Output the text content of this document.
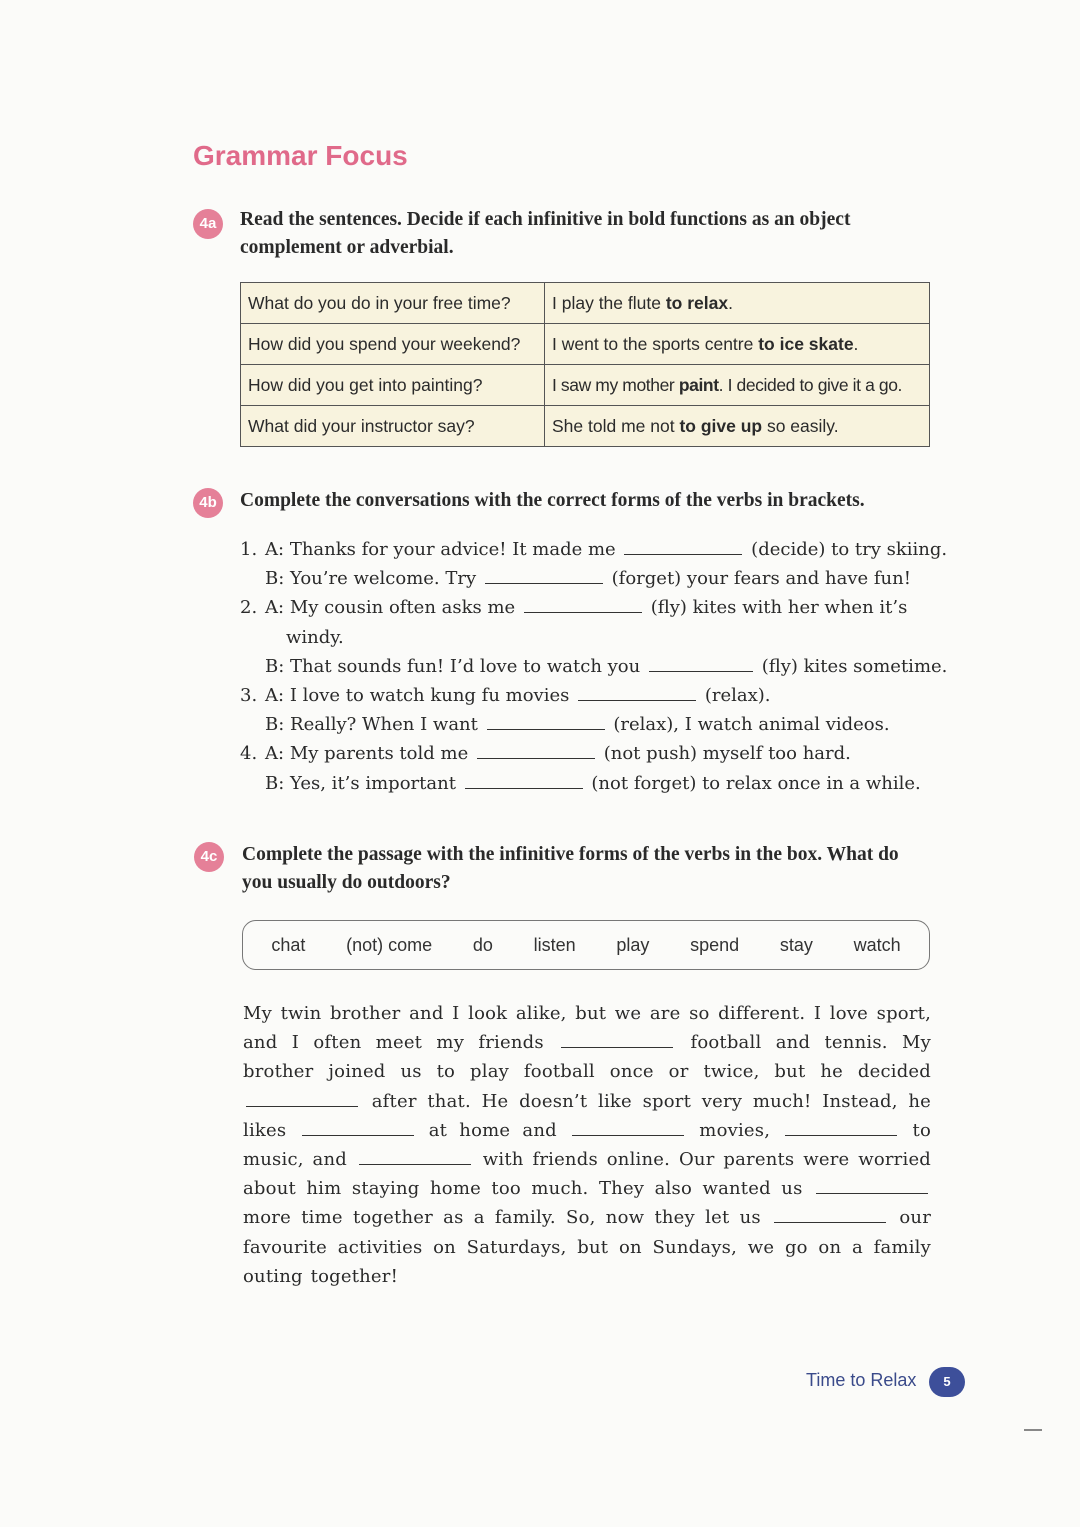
Grammar Focus
4a	Read the sentences. Decide if each infinitive in bold functions as an object complement or adverbial.

What do you do in your free time?	I play the flute to relax.
How did you spend your weekend?	I went to the sports centre to ice skate.
How did you get into painting?	I saw my mother paint. I decided to give it a go.
What did your instructor say?	She told me not to give up so easily.
4b	Complete the conversations with the correct forms of the verbs in brackets.

1. A: Thanks for your advice! It made me	(decide) to try skiing.
B: You’re welcome. Try	(forget) your fears and have fun!
2. A: My cousin often asks me	(fly) kites with her when it’s
windy.
B: That sounds fun! I’d love to watch you	(fly) kites sometime.
3. A: I love to watch kung fu movies	(relax).
B: Really? When I want	(relax), I watch animal videos.
4. A: My parents told me	(not push) myself too hard.
B: Yes, it’s important	(not forget) to relax once in a while.
4c	Complete the passage with the infinitive forms of the verbs in the box. What do you usually do outdoors?

chat (not) come do listen play spend stay watch

My twin brother and I look alike, but we are so different. I love sport, and I often meet my friends	football and tennis. My brother joined us to play football once or twice, but he decided  after that. He doesn’t like sport very much! Instead, he likes	at home and	movies,	to music, and	with friends online. Our parents were worried about him staying home too much. They also wanted us  more time together as a family. So, now they let us	our favourite activities on Saturdays, but on Sundays, we go on a family outing together!

Time to Relax	5
